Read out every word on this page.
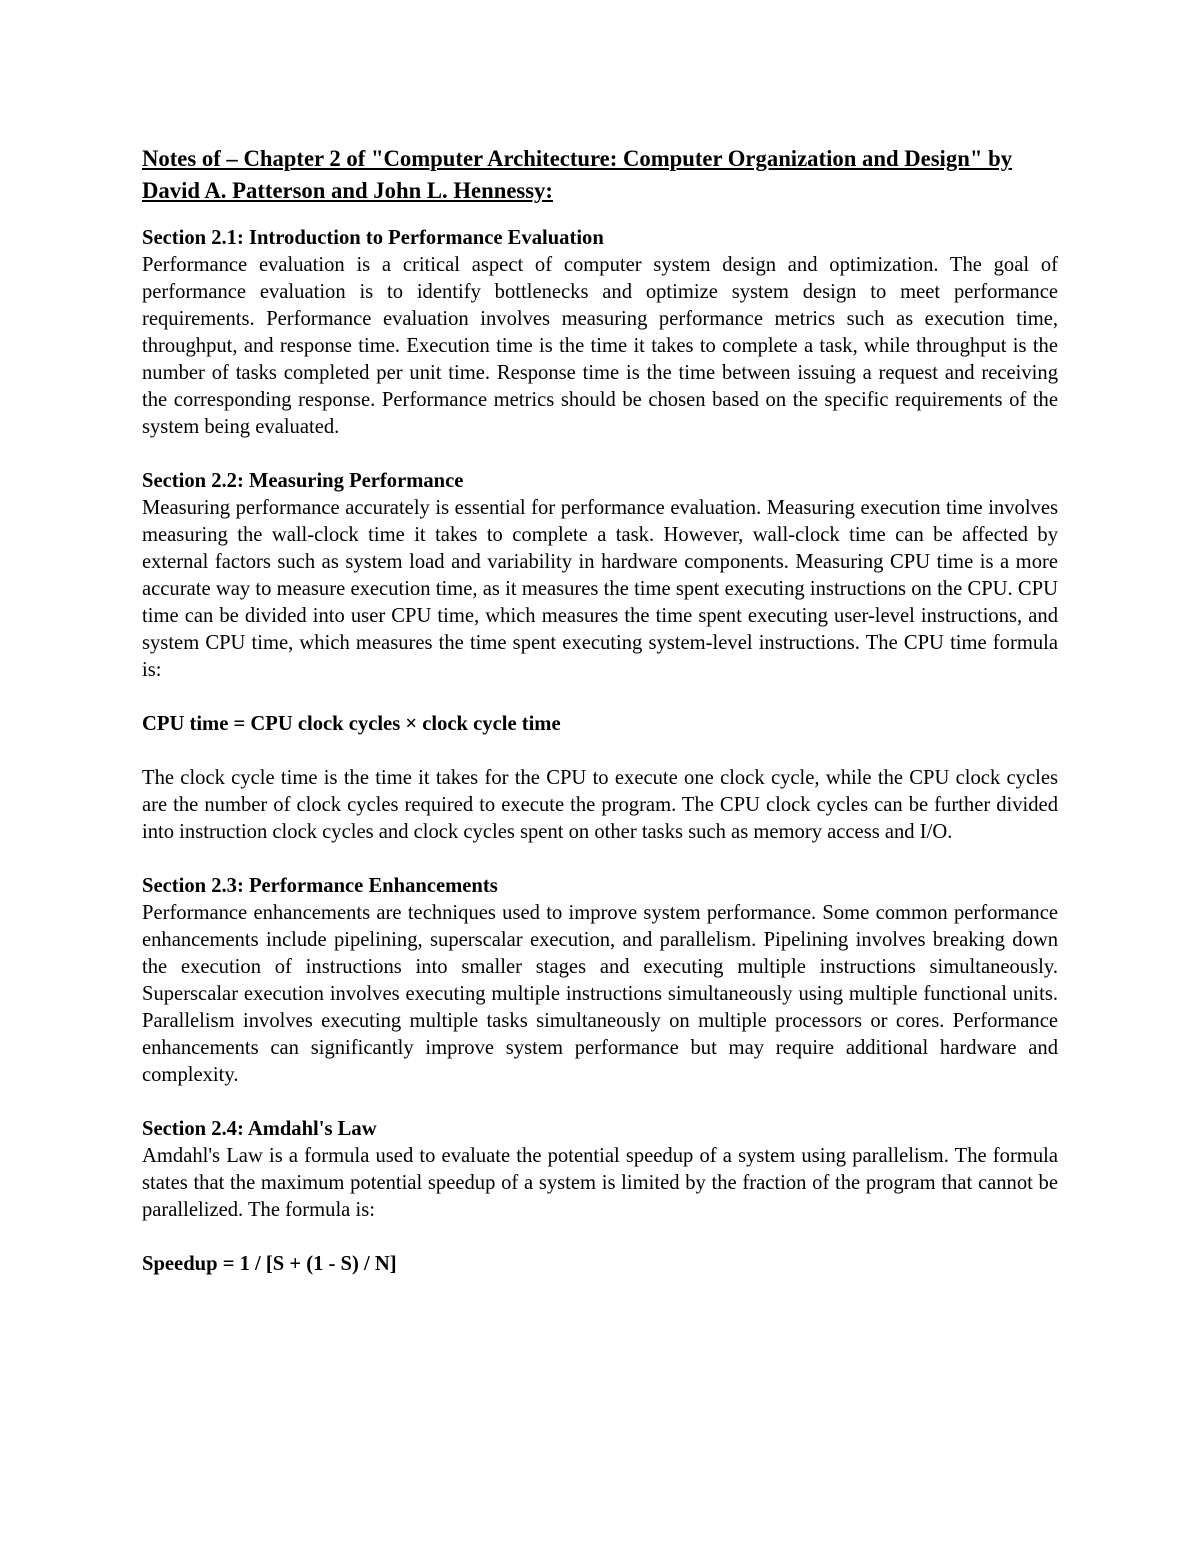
Notes of – Chapter 2 of "Computer Architecture: Computer Organization and Design" by David A. Patterson and John L. Hennessy:
Section 2.1: Introduction to Performance Evaluation
Performance evaluation is a critical aspect of computer system design and optimization. The goal of performance evaluation is to identify bottlenecks and optimize system design to meet performance requirements. Performance evaluation involves measuring performance metrics such as execution time, throughput, and response time. Execution time is the time it takes to complete a task, while throughput is the number of tasks completed per unit time. Response time is the time between issuing a request and receiving the corresponding response. Performance metrics should be chosen based on the specific requirements of the system being evaluated.
Section 2.2: Measuring Performance
Measuring performance accurately is essential for performance evaluation. Measuring execution time involves measuring the wall-clock time it takes to complete a task. However, wall-clock time can be affected by external factors such as system load and variability in hardware components. Measuring CPU time is a more accurate way to measure execution time, as it measures the time spent executing instructions on the CPU. CPU time can be divided into user CPU time, which measures the time spent executing user-level instructions, and system CPU time, which measures the time spent executing system-level instructions. The CPU time formula is:
CPU time = CPU clock cycles × clock cycle time
The clock cycle time is the time it takes for the CPU to execute one clock cycle, while the CPU clock cycles are the number of clock cycles required to execute the program. The CPU clock cycles can be further divided into instruction clock cycles and clock cycles spent on other tasks such as memory access and I/O.
Section 2.3: Performance Enhancements
Performance enhancements are techniques used to improve system performance. Some common performance enhancements include pipelining, superscalar execution, and parallelism. Pipelining involves breaking down the execution of instructions into smaller stages and executing multiple instructions simultaneously. Superscalar execution involves executing multiple instructions simultaneously using multiple functional units. Parallelism involves executing multiple tasks simultaneously on multiple processors or cores. Performance enhancements can significantly improve system performance but may require additional hardware and complexity.
Section 2.4: Amdahl's Law
Amdahl's Law is a formula used to evaluate the potential speedup of a system using parallelism. The formula states that the maximum potential speedup of a system is limited by the fraction of the program that cannot be parallelized. The formula is:
Speedup = 1 / [S + (1 - S) / N]
